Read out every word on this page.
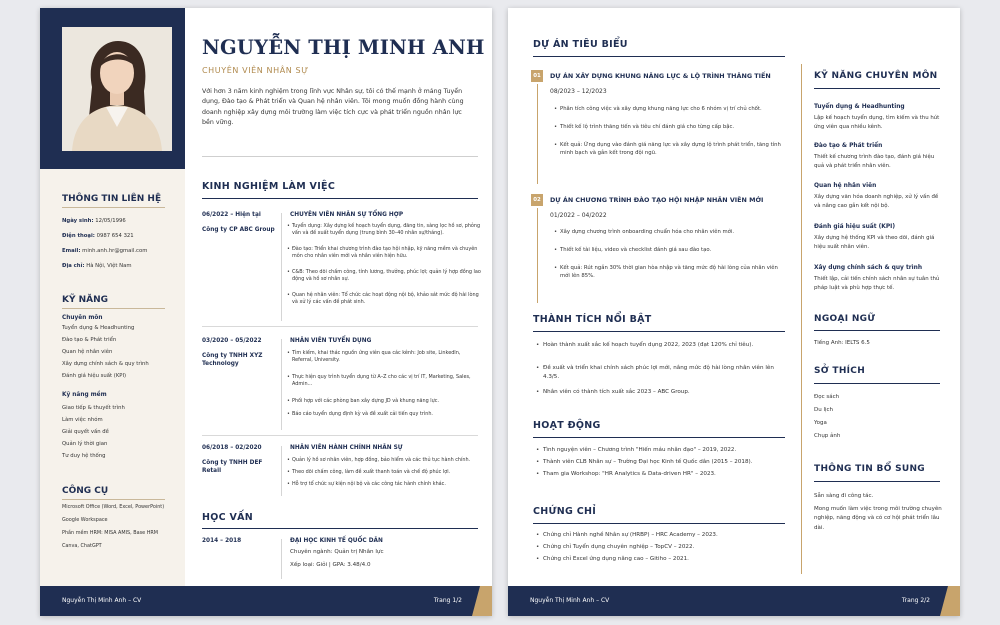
THÔNG TIN LIÊN HỆ
Ngày sinh: 12/05/1996
Điện thoại: 0987 654 321
Email: minh.anh.hr@gmail.com
Địa chỉ: Hà Nội, Việt Nam
KỸ NĂNG
Chuyên môn
Tuyển dụng & Headhunting
Đào tạo & Phát triển
Quan hệ nhân viên
Xây dựng chính sách & quy trình
Đánh giá hiệu suất (KPI)
Kỹ năng mềm
Giao tiếp & thuyết trình
Làm việc nhóm
Giải quyết vấn đề
Quản lý thời gian
Tư duy hệ thống
CÔNG CỤ
Microsoft Office (Word, Excel, PowerPoint)
Google Workspace
Phần mềm HRM: MISA AMIS, Base HRM
Canva, ChatGPT
NGUYỄN THỊ MINH ANH
CHUYÊN VIÊN NHÂN SỰ
Với hơn 3 năm kinh nghiệm trong lĩnh vực Nhân sự, tôi có thế mạnh ở mảng Tuyển dụng, Đào tạo & Phát triển và Quan hệ nhân viên. Tôi mong muốn đồng hành cùng doanh nghiệp xây dựng môi trường làm việc tích cực và phát triển nguồn nhân lực bền vững.
KINH NGHIỆM LÀM VIỆC
06/2022 – Hiện tại
Công ty CP ABC Group
CHUYÊN VIÊN NHÂN SỰ TỔNG HỢP
• Tuyển dụng: Xây dựng kế hoạch tuyển dụng, đăng tin, sàng lọc hồ sơ, phỏng vấn và đề xuất tuyển dụng (trung bình 30–40 nhân sự/tháng).
• Đào tạo: Triển khai chương trình đào tạo hội nhập, kỹ năng mềm và chuyên môn cho nhân viên mới và nhân viên hiện hữu.
• C&B: Theo dõi chấm công, tính lương, thưởng, phúc lợi; quản lý hợp đồng lao động và hồ sơ nhân sự.
• Quan hệ nhân viên: Tổ chức các hoạt động nội bộ, khảo sát mức độ hài lòng và xử lý các vấn đề phát sinh.
03/2020 – 05/2022
Công ty TNHH XYZ Technology
NHÂN VIÊN TUYỂN DỤNG
• Tìm kiếm, khai thác nguồn ứng viên qua các kênh: Job site, LinkedIn, Referral, University.
• Thực hiện quy trình tuyển dụng từ A–Z cho các vị trí IT, Marketing, Sales, Admin...
• Phối hợp với các phòng ban xây dựng JD và khung năng lực.
• Báo cáo tuyển dụng định kỳ và đề xuất cải tiến quy trình.
06/2018 – 02/2020
Công ty TNHH DEF Retail
NHÂN VIÊN HÀNH CHÍNH NHÂN SỰ
• Quản lý hồ sơ nhân viên, hợp đồng, bảo hiểm và các thủ tục hành chính.
• Theo dõi chấm công, làm đề xuất thanh toán và chế độ phúc lợi.
• Hỗ trợ tổ chức sự kiện nội bộ và các công tác hành chính khác.
HỌC VẤN
2014 – 2018	ĐẠI HỌC KINH TẾ QUỐC DÂN
Chuyên ngành: Quản trị Nhân lực
Xếp loại: Giỏi | GPA: 3.48/4.0
Nguyễn Thị Minh Anh – CV	Trang 1/2
DỰ ÁN TIÊU BIỂU
01	DỰ ÁN XÂY DỰNG KHUNG NĂNG LỰC & LỘ TRÌNH THĂNG TIẾN
08/2023 – 12/2023
• Phân tích công việc và xây dựng khung năng lực cho 6 nhóm vị trí chủ chốt.
• Thiết kế lộ trình thăng tiến và tiêu chí đánh giá cho từng cấp bậc.
• Kết quả: Ứng dụng vào đánh giá năng lực và xây dựng lộ trình phát triển, tăng tính minh bạch và gắn kết trong đội ngũ.
02	DỰ ÁN CHƯƠNG TRÌNH ĐÀO TẠO HỘI NHẬP NHÂN VIÊN MỚI
01/2022 – 04/2022
• Xây dựng chương trình onboarding chuẩn hóa cho nhân viên mới.
• Thiết kế tài liệu, video và checklist đánh giá sau đào tạo.
• Kết quả: Rút ngắn 30% thời gian hòa nhập và tăng mức độ hài lòng của nhân viên mới lên 85%.
THÀNH TÍCH NỔI BẬT
• Hoàn thành xuất sắc kế hoạch tuyển dụng 2022, 2023 (đạt 120% chỉ tiêu).
• Đề xuất và triển khai chính sách phúc lợi mới, nâng mức độ hài lòng nhân viên lên 4.3/5.
• Nhân viên có thành tích xuất sắc 2023 – ABC Group.
HOẠT ĐỘNG
• Tình nguyện viên – Chương trình "Hiến máu nhân đạo" – 2019, 2022.
• Thành viên CLB Nhân sự – Trường Đại học Kinh tế Quốc dân (2015 – 2018).
• Tham gia Workshop: "HR Analytics & Data-driven HR" – 2023.
CHỨNG CHỈ
• Chứng chỉ Hành nghề Nhân sự (HRBP) – HRC Academy – 2023.
• Chứng chỉ Tuyển dụng chuyên nghiệp – TopCV – 2022.
• Chứng chỉ Excel ứng dụng nâng cao – Gitiho – 2021.
KỸ NĂNG CHUYÊN MÔN
Tuyển dụng & Headhunting
Lập kế hoạch tuyển dụng, tìm kiếm và thu hút ứng viên qua nhiều kênh.
Đào tạo & Phát triển
Thiết kế chương trình đào tạo, đánh giá hiệu quả và phát triển nhân viên.
Quan hệ nhân viên
Xây dựng văn hóa doanh nghiệp, xử lý vấn đề và nâng cao gắn kết nội bộ.
Đánh giá hiệu suất (KPI)
Xây dựng hệ thống KPI và theo dõi, đánh giá hiệu suất nhân viên.
Xây dựng chính sách & quy trình
Thiết lập, cải tiến chính sách nhân sự tuân thủ pháp luật và phù hợp thực tế.
NGOẠI NGỮ
Tiếng Anh: IELTS 6.5
SỞ THÍCH
Đọc sách
Du lịch
Yoga
Chụp ảnh
THÔNG TIN BỔ SUNG
Sẵn sàng đi công tác.
Mong muốn làm việc trong môi trường chuyên nghiệp, năng động và có cơ hội phát triển lâu dài.
Nguyễn Thị Minh Anh – CV	Trang 2/2
